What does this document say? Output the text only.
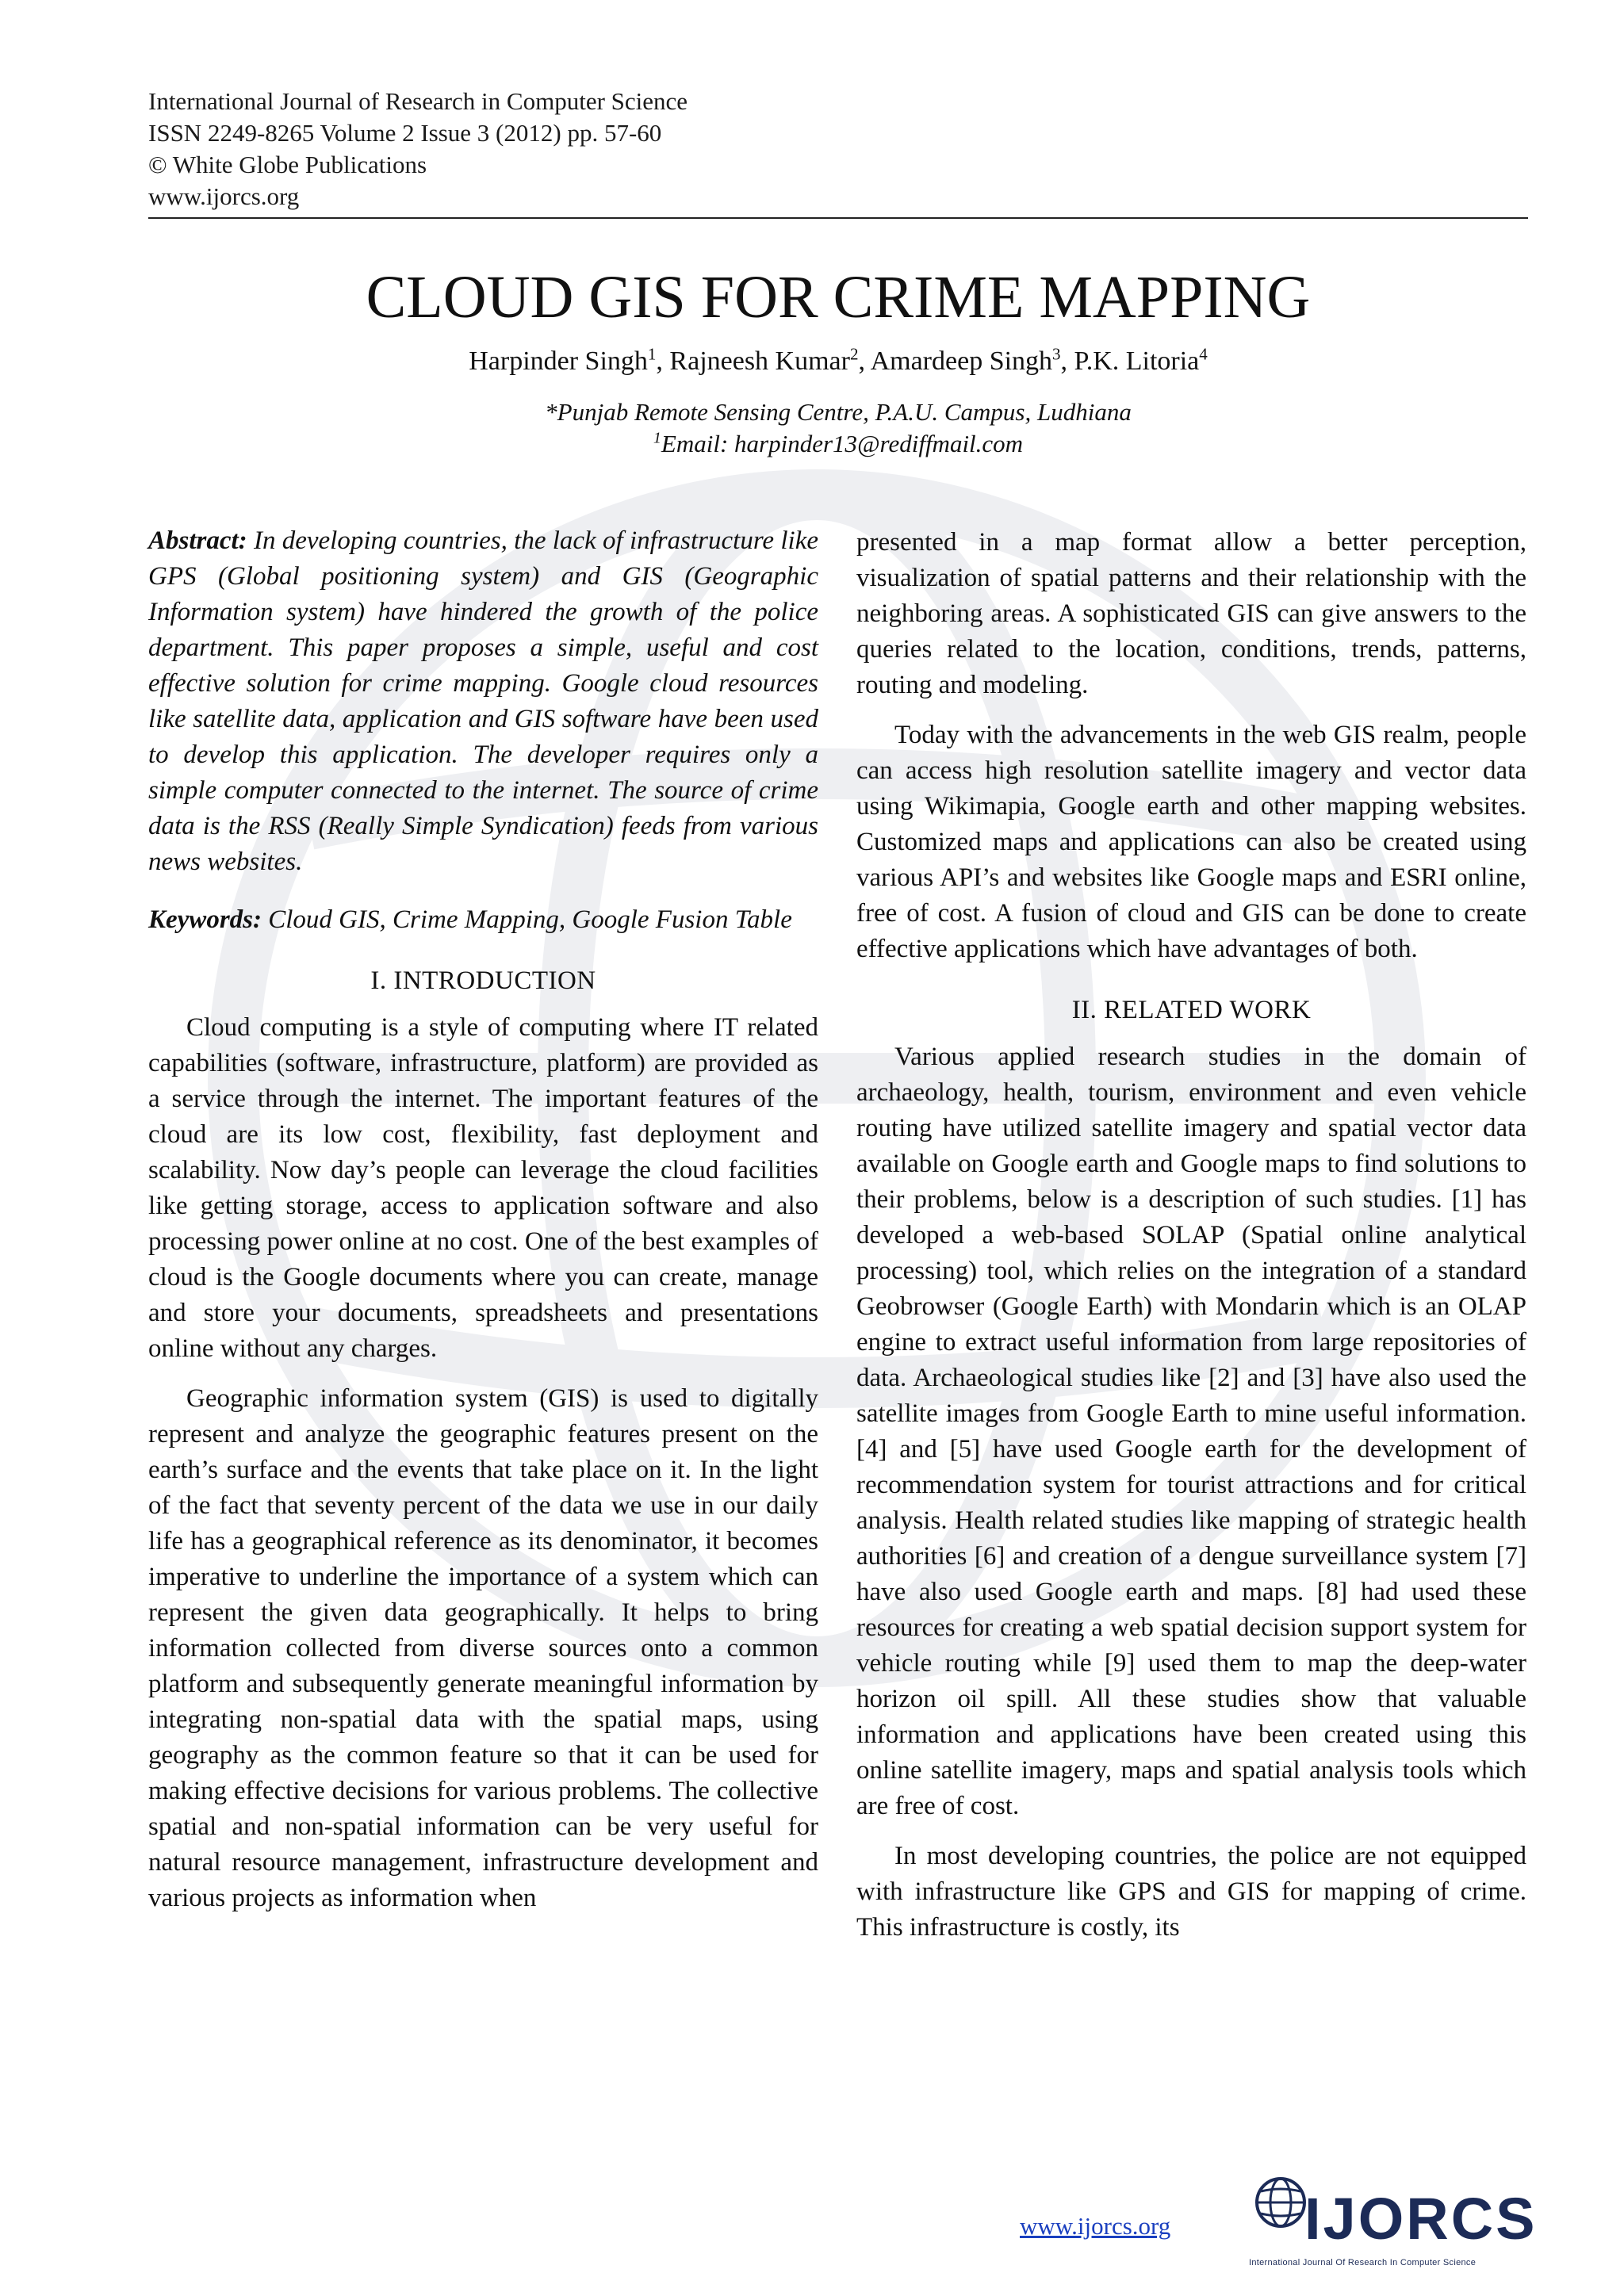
International Journal of Research in Computer Science
ISSN 2249-8265 Volume 2 Issue 3 (2012) pp. 57-60
© White Globe Publications
www.ijorcs.org
CLOUD GIS FOR CRIME MAPPING
Harpinder Singh$^1$, Rajneesh Kumar$^2$, Amardeep Singh$^3$, P.K. Litoria$^4$
*Punjab Remote Sensing Centre, P.A.U. Campus, Ludhiana
$^1$Email: harpinder13@rediffmail.com

Abstract: In developing countries, the lack of infrastructure like GPS (Global positioning system) and GIS (Geographic Information system) have hindered the growth of the police department. This paper proposes a simple, useful and cost effective solution for crime mapping. Google cloud resources like satellite data, application and GIS software have been used to develop this application. The developer requires only a simple computer connected to the internet. The source of crime data is the RSS (Really Simple Syndication) feeds from various news websites.

Keywords: Cloud GIS, Crime Mapping, Google Fusion Table

I. INTRODUCTION

Cloud computing is a style of computing where IT related capabilities (software, infrastructure, platform) are provided as a service through the internet. The important features of the cloud are its low cost, flexibility, fast deployment and scalability. Now day’s people can leverage the cloud facilities like getting storage, access to application software and also processing power online at no cost. One of the best examples of cloud is the Google documents where you can create, manage and store your documents, spreadsheets and presentations online without any charges.

Geographic information system (GIS) is used to digitally represent and analyze the geographic features present on the earth’s surface and the events that take place on it. In the light of the fact that seventy percent of the data we use in our daily life has a geographical reference as its denominator, it becomes imperative to underline the importance of a system which can represent the given data geographically. It helps to bring information collected from diverse sources onto a common platform and subsequently generate meaningful information by integrating non-spatial data with the spatial maps, using geography as the common feature so that it can be used for making effective decisions for various problems. The collective spatial and non-spatial information can be very useful for natural resource management, infrastructure development and various projects as information when

presented in a map format allow a better perception, visualization of spatial patterns and their relationship with the neighboring areas. A sophisticated GIS can give answers to the queries related to the location, conditions, trends, patterns, routing and modeling.

Today with the advancements in the web GIS realm, people can access high resolution satellite imagery and vector data using Wikimapia, Google earth and other mapping websites. Customized maps and applications can also be created using various API’s and websites like Google maps and ESRI online, free of cost. A fusion of cloud and GIS can be done to create effective applications which have advantages of both.

II. RELATED WORK

Various applied research studies in the domain of archaeology, health, tourism, environment and even vehicle routing have utilized satellite imagery and spatial vector data available on Google earth and Google maps to find solutions to their problems, below is a description of such studies. [1] has developed a web-based SOLAP (Spatial online analytical processing) tool, which relies on the integration of a standard Geobrowser (Google Earth) with Mondarin which is an OLAP engine to extract useful information from large repositories of data. Archaeological studies like [2] and [3] have also used the satellite images from Google Earth to mine useful information. [4] and [5] have used Google earth for the development of recommendation system for tourist attractions and for critical analysis. Health related studies like mapping of strategic health authorities [6] and creation of a dengue surveillance system [7] have also used Google earth and maps. [8] had used these resources for creating a web spatial decision support system for vehicle routing while [9] used them to map the deep-water horizon oil spill. All these studies show that valuable information and applications have been created using this online satellite imagery, maps and spatial analysis tools which are free of cost.

In most developing countries, the police are not equipped with infrastructure like GPS and GIS for mapping of crime. This infrastructure is costly, its

www.ijorcs.org IJORCS
International Journal Of Research In Computer Science
